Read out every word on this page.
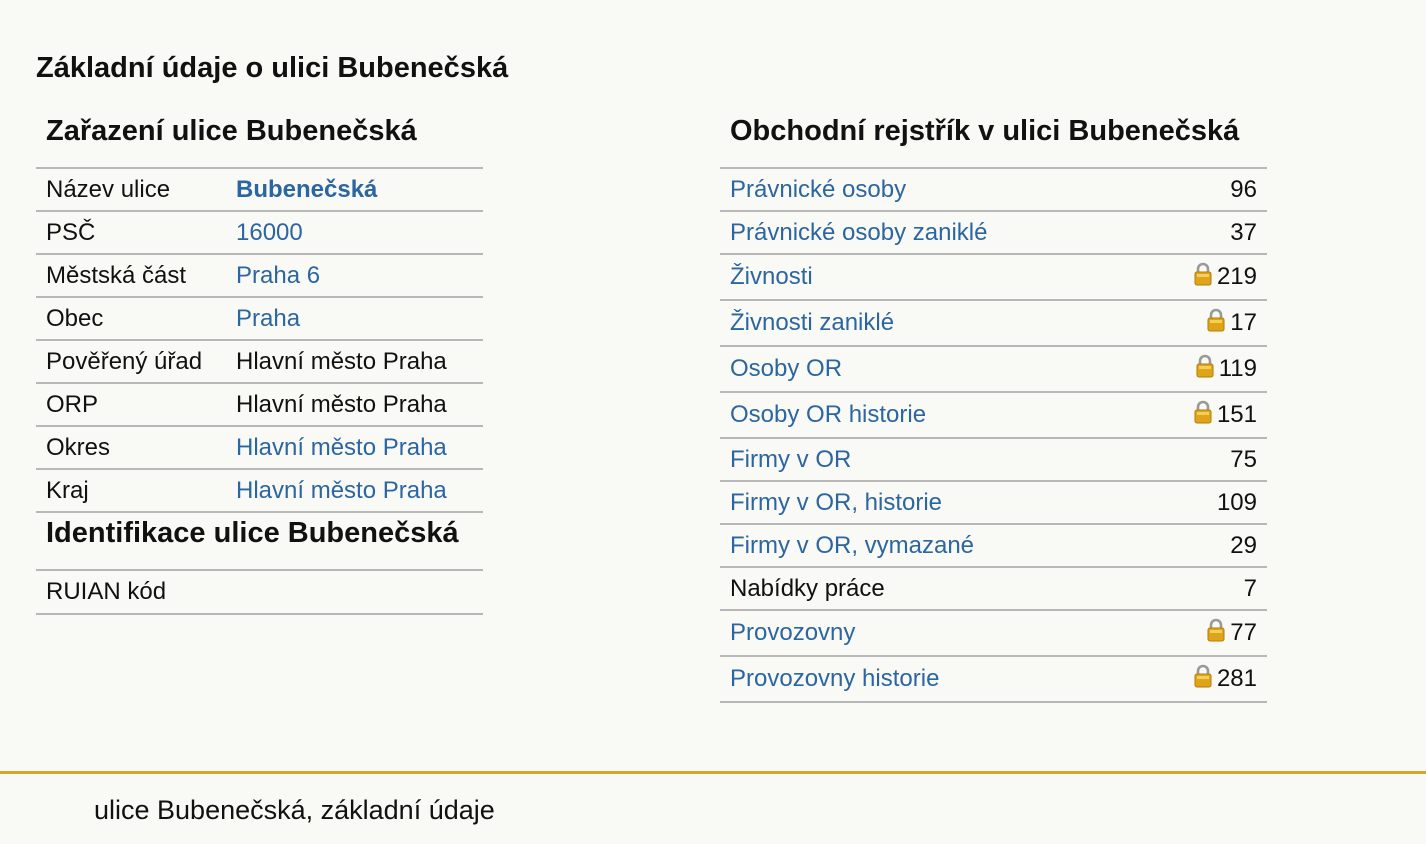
Základní údaje o ulici Bubenečská
Zařazení ulice Bubenečská
Název ulice	Bubenečská
PSČ	16000
Městská část	Praha 6
Obec	Praha
Pověřený úřad	Hlavní město Praha
ORP	Hlavní město Praha
Okres	Hlavní město Praha
Kraj	Hlavní město Praha
Identifikace ulice Bubenečská
RUIAN kód	
Obchodní rejstřík v ulici Bubenečská
Právnické osoby	96
Právnické osoby zaniklé	37
Živnosti	219
Živnosti zaniklé	17
Osoby OR	119
Osoby OR historie	151
Firmy v OR	75
Firmy v OR, historie	109
Firmy v OR, vymazané	29
Nabídky práce	7
Provozovny	77
Provozovny historie	281
ulice Bubenečská, základní údaje
